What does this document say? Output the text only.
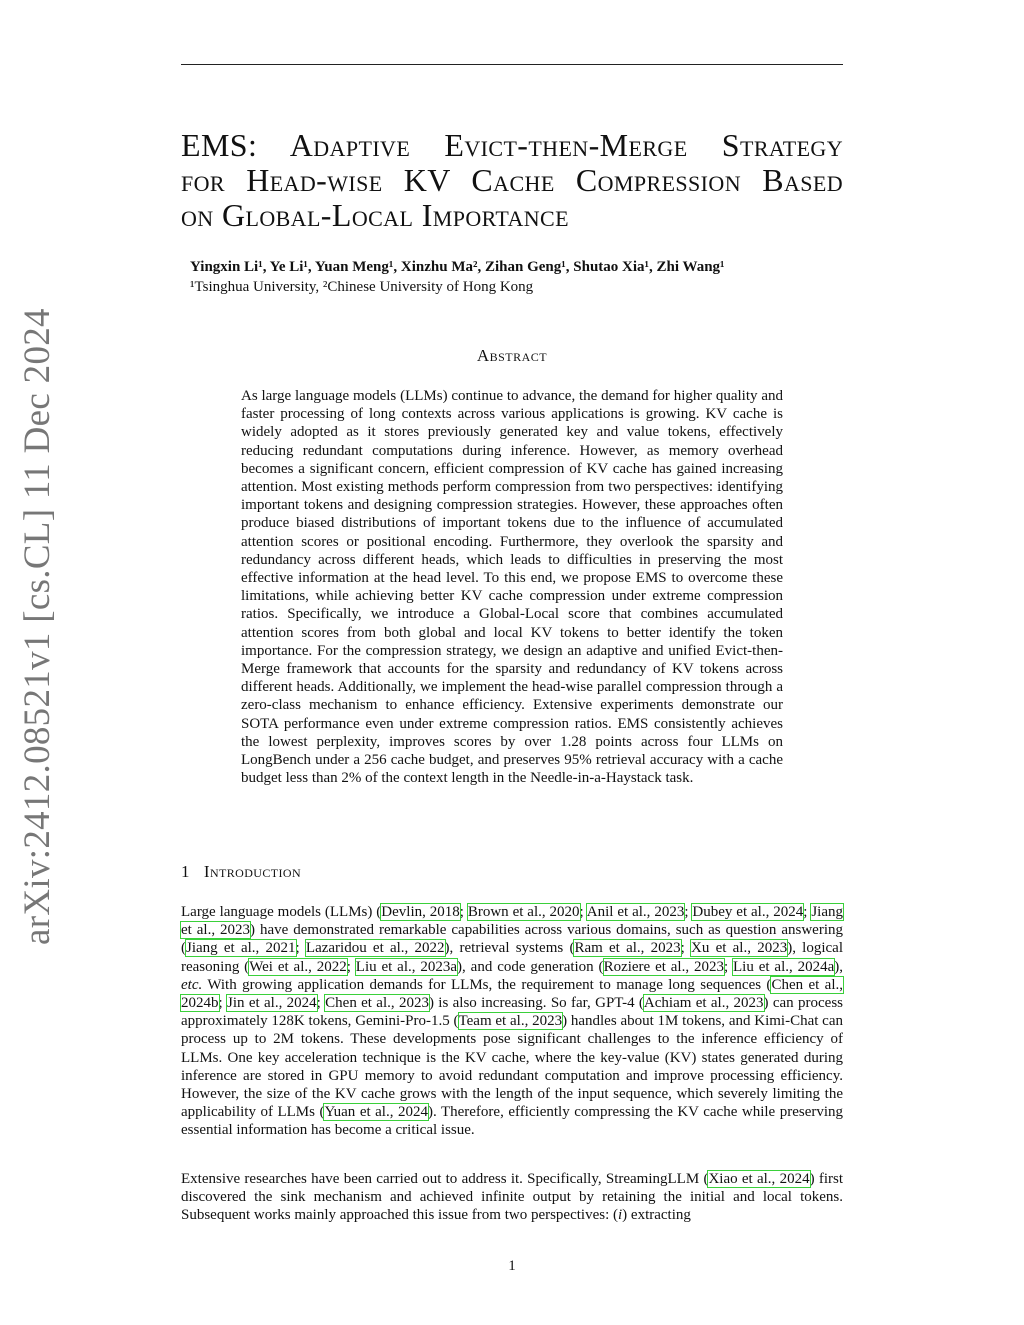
arXiv:2412.08521v1 [cs.CL] 11 Dec 2024
EMS: Adaptive Evict-then-Merge Strategy
for Head-wise KV Cache Compression Based
on Global-Local Importance
Yingxin Li¹, Ye Li¹, Yuan Meng¹, Xinzhu Ma², Zihan Geng¹, Shutao Xia¹, Zhi Wang¹
¹Tsinghua University, ²Chinese University of Hong Kong
Abstract

As large language models (LLMs) continue to advance, the demand for higher quality and faster processing of long contexts across various applications is growing. KV cache is widely adopted as it stores previously generated key and value tokens, effectively reducing redundant computations during inference. However, as memory overhead becomes a significant concern, efficient compression of KV cache has gained increasing attention. Most existing methods perform compression from two perspectives: identifying important tokens and designing compression strategies. However, these approaches often produce biased distributions of important tokens due to the influence of accumulated attention scores or positional encoding. Furthermore, they overlook the sparsity and redundancy across different heads, which leads to difficulties in preserving the most effective information at the head level. To this end, we propose EMS to overcome these limitations, while achieving better KV cache compression under extreme compression ratios. Specifically, we introduce a Global-Local score that combines accumulated attention scores from both global and local KV tokens to better identify the token importance. For the compression strategy, we design an adaptive and unified Evict-then-Merge framework that accounts for the sparsity and redundancy of KV tokens across different heads. Additionally, we implement the head-wise parallel compression through a zero-class mechanism to enhance efficiency. Extensive experiments demonstrate our SOTA performance even under extreme compression ratios. EMS consistently achieves the lowest perplexity, improves scores by over 1.28 points across four LLMs on LongBench under a 256 cache budget, and preserves 95% retrieval accuracy with a cache budget less than 2% of the context length in the Needle-in-a-Haystack task.

1 Introduction

Large language models (LLMs) (Devlin, 2018; Brown et al., 2020; Anil et al., 2023; Dubey et al., 2024; Jiang et al., 2023) have demonstrated remarkable capabilities across various domains, such as question answering (Jiang et al., 2021; Lazaridou et al., 2022), retrieval systems (Ram et al., 2023; Xu et al., 2023), logical reasoning (Wei et al., 2022; Liu et al., 2023a), and code generation (Roziere et al., 2023; Liu et al., 2024a), etc. With growing application demands for LLMs, the requirement to manage long sequences (Chen et al., 2024b; Jin et al., 2024; Chen et al., 2023) is also increasing. So far, GPT-4 (Achiam et al., 2023) can process approximately 128K tokens, Gemini-Pro-1.5 (Team et al., 2023) handles about 1M tokens, and Kimi-Chat can process up to 2M tokens. These developments pose significant challenges to the inference efficiency of LLMs. One key acceleration technique is the KV cache, where the key-value (KV) states generated during inference are stored in GPU memory to avoid redundant computation and improve processing efficiency. However, the size of the KV cache grows with the length of the input sequence, which severely limiting the applicability of LLMs (Yuan et al., 2024). Therefore, efficiently compressing the KV cache while preserving essential information has become a critical issue.

Extensive researches have been carried out to address it. Specifically, StreamingLLM (Xiao et al., 2024) first discovered the sink mechanism and achieved infinite output by retaining the initial and local tokens. Subsequent works mainly approached this issue from two perspectives: (i) extracting

1
